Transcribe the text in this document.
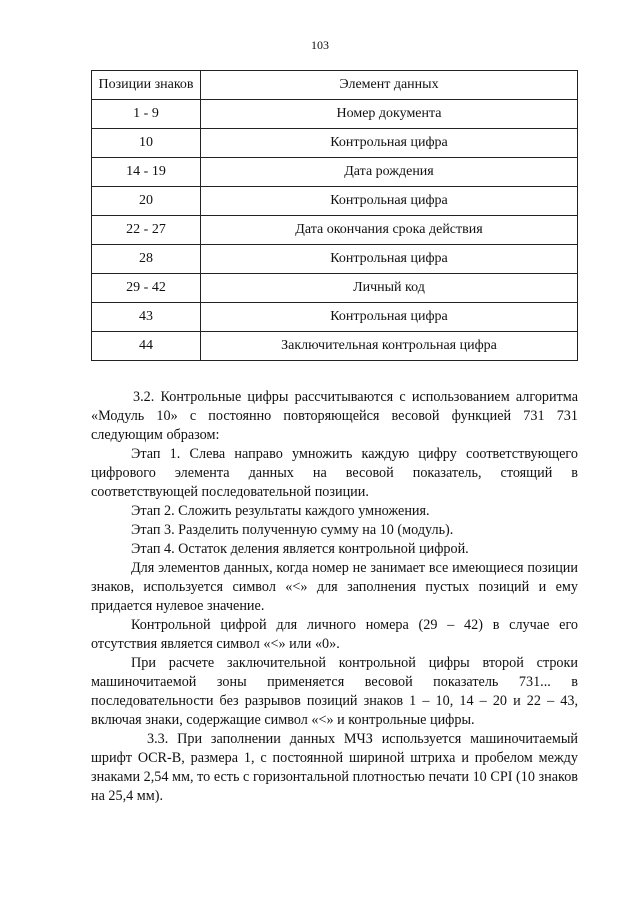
103
Позиции знаков	Элемент данных
1 - 9	Номер документа
10	Контрольная цифра
14 - 19	Дата рождения
20	Контрольная цифра
22 - 27	Дата окончания срока действия
28	Контрольная цифра
29 - 42	Личный код
43	Контрольная цифра
44	Заключительная контрольная цифра

3.2. Контрольные цифры рассчитываются с использованием алгоритма «Модуль 10» с постоянно повторяющейся весовой функцией 731 731 следующим образом:

Этап 1. Слева направо умножить каждую цифру соответствующего цифрового элемента данных на весовой показатель, стоящий в соответствующей последовательной позиции.

Этап 2. Сложить результаты каждого умножения.

Этап 3. Разделить полученную сумму на 10 (модуль).

Этап 4. Остаток деления является контрольной цифрой.

Для элементов данных, когда номер не занимает все имеющиеся позиции знаков, используется символ «<» для заполнения пустых позиций и ему придается нулевое значение.

Контрольной цифрой для личного номера (29 – 42) в случае его отсутствия является символ «<» или «0».

При расчете заключительной контрольной цифры второй строки машиночитаемой зоны применяется весовой показатель 731... в последовательности без разрывов позиций знаков 1 – 10, 14 – 20 и 22 – 43, включая знаки, содержащие символ «<» и контрольные цифры.

3.3. При заполнении данных МЧЗ используется машиночитаемый шрифт OCR-B, размера 1, с постоянной шириной штриха и пробелом между знаками 2,54 мм, то есть с горизонтальной плотностью печати 10 CPI (10 знаков на 25,4 мм).
